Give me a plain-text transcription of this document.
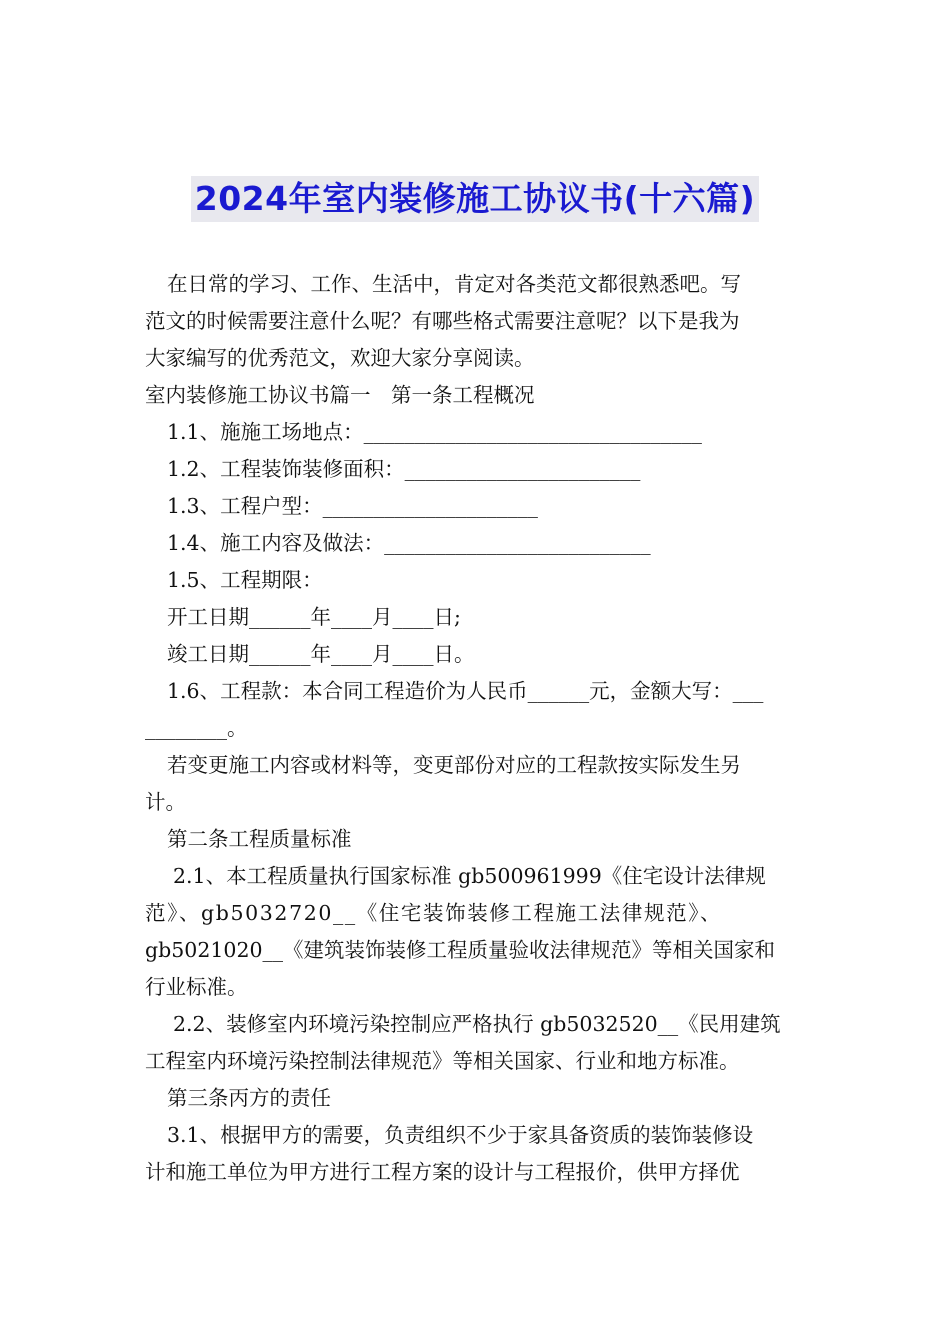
2024年室内装修施工协议书(十六篇)

在日常的学习、工作、生活中，肯定对各类范文都很熟悉吧。写

范文的时候需要注意什么呢？有哪些格式需要注意呢？以下是我为

大家编写的优秀范文，欢迎大家分享阅读。

室内装修施工协议书篇一　第一条工程概况

1.1、施施工场地点：_________________________________

1.2、工程装饰装修面积：_______________________

1.3、工程户型：_____________________

1.4、施工内容及做法：__________________________

1.5、工程期限：

开工日期______年____月____日;

竣工日期______年____月____日。

1.6、工程款：本合同工程造价为人民币______元，金额大写：___

________。

若变更施工内容或材料等，变更部份对应的工程款按实际发生另

计。

第二条工程质量标准

2.1、本工程质量执行国家标准 gb500961999《住宅设计法律规

范》、gb5032720__《住宅装饰装修工程施工法律规范》、

gb5021020__《建筑装饰装修工程质量验收法律规范》等相关国家和

行业标准。

2.2、装修室内环境污染控制应严格执行 gb5032520__《民用建筑

工程室内环境污染控制法律规范》等相关国家、行业和地方标准。

第三条丙方的责任

3.1、根据甲方的需要，负责组织不少于家具备资质的装饰装修设

计和施工单位为甲方进行工程方案的设计与工程报价，供甲方择优
